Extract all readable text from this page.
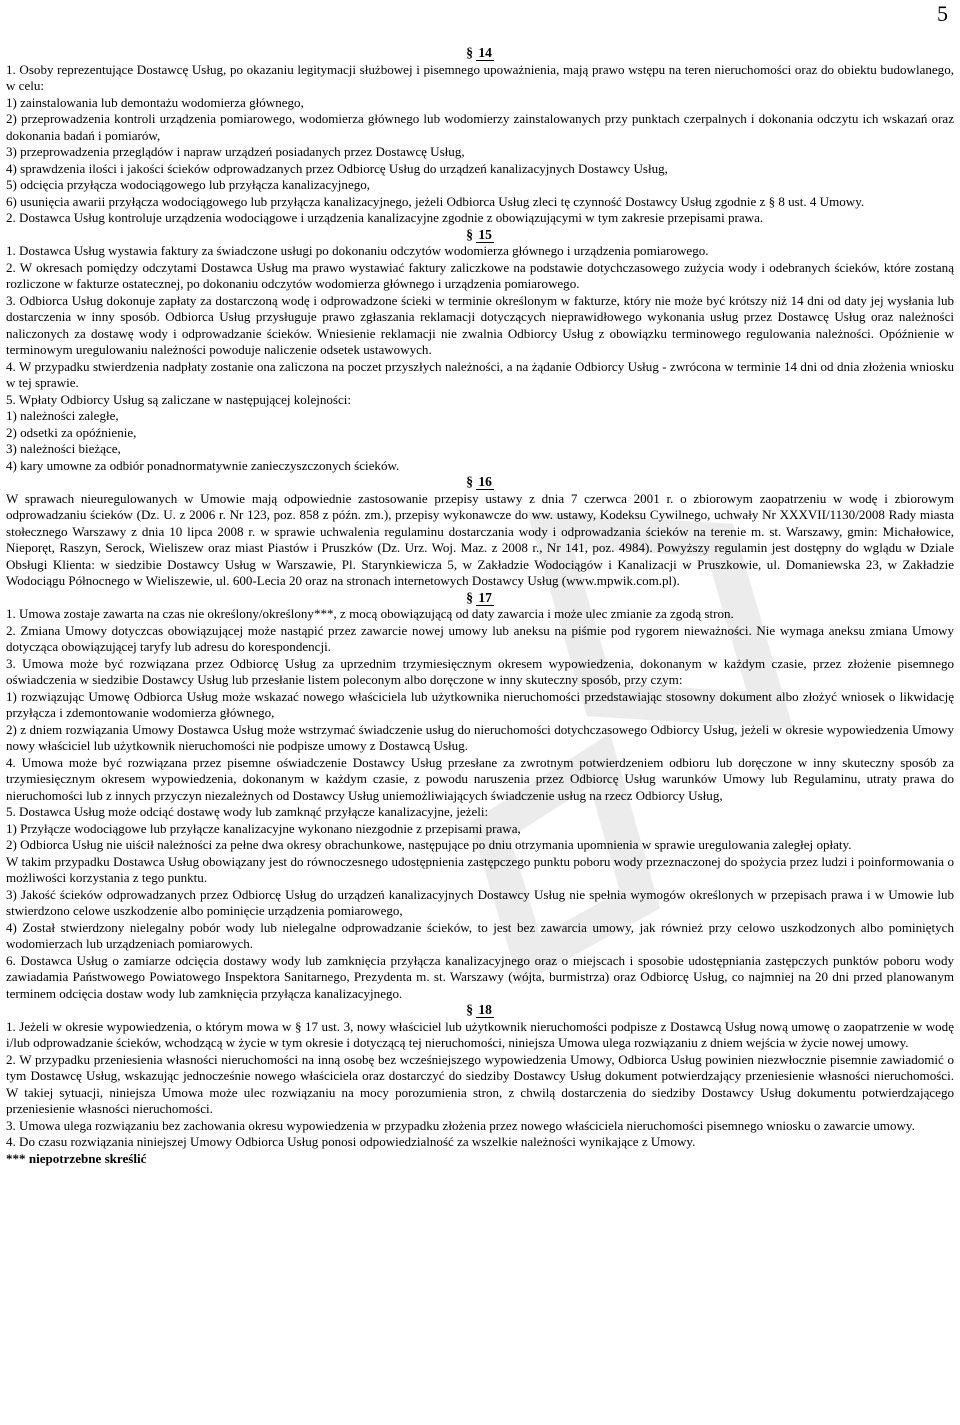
5
§ 14

1. Osoby reprezentujące Dostawcę Usług, po okazaniu legitymacji służbowej i pisemnego upoważnienia, mają prawo wstępu na teren nieruchomości oraz do obiektu budowlanego, w celu:

1) zainstalowania lub demontażu wodomierza głównego,

2) przeprowadzenia kontroli urządzenia pomiarowego, wodomierza głównego lub wodomierzy zainstalowanych przy punktach czerpalnych i dokonania odczytu ich wskazań oraz dokonania badań i pomiarów,

3) przeprowadzenia przeglądów i napraw urządzeń posiadanych przez Dostawcę Usług,

4) sprawdzenia ilości i jakości ścieków odprowadzanych przez Odbiorcę Usług do urządzeń kanalizacyjnych Dostawcy Usług,

5) odcięcia przyłącza wodociągowego lub przyłącza kanalizacyjnego,

6) usunięcia awarii przyłącza wodociągowego lub przyłącza kanalizacyjnego, jeżeli Odbiorca Usług zleci tę czynność Dostawcy Usług zgodnie z § 8 ust. 4 Umowy.

2. Dostawca Usług kontroluje urządzenia wodociągowe i urządzenia kanalizacyjne zgodnie z obowiązującymi w tym zakresie przepisami prawa.

§ 15

1. Dostawca Usług wystawia faktury za świadczone usługi po dokonaniu odczytów wodomierza głównego i urządzenia pomiarowego.

2. W okresach pomiędzy odczytami Dostawca Usług ma prawo wystawiać faktury zaliczkowe na podstawie dotychczasowego zużycia wody i odebranych ścieków, które zostaną rozliczone w fakturze ostatecznej, po dokonaniu odczytów wodomierza głównego i urządzenia pomiarowego.

3. Odbiorca Usług dokonuje zapłaty za dostarczoną wodę i odprowadzone ścieki w terminie określonym w fakturze, który nie może być krótszy niż 14 dni od daty jej wysłania lub dostarczenia w inny sposób. Odbiorca Usług przysługuje prawo zgłaszania reklamacji dotyczących nieprawidłowego wykonania usług przez Dostawcę Usług oraz należności naliczonych za dostawę wody i odprowadzanie ścieków. Wniesienie reklamacji nie zwalnia Odbiorcy Usług z obowiązku terminowego regulowania należności. Opóźnienie w terminowym uregulowaniu należności powoduje naliczenie odsetek ustawowych.

4. W przypadku stwierdzenia nadpłaty zostanie ona zaliczona na poczet przyszłych należności, a na żądanie Odbiorcy Usług - zwrócona w terminie 14 dni od dnia złożenia wniosku w tej sprawie.

5. Wpłaty Odbiorcy Usług są zaliczane w następującej kolejności:

1) należności zaległe,

2) odsetki za opóźnienie,

3) należności bieżące,

4) kary umowne za odbiór ponadnormatywnie zanieczyszczonych ścieków.

§ 16

W sprawach nieuregulowanych w Umowie mają odpowiednie zastosowanie przepisy ustawy z dnia 7 czerwca 2001 r. o zbiorowym zaopatrzeniu w wodę i zbiorowym odprowadzaniu ścieków (Dz. U. z 2006 r. Nr 123, poz. 858 z późn. zm.), przepisy wykonawcze do ww. ustawy, Kodeksu Cywilnego, uchwały Nr XXXVII/1130/2008 Rady miasta stołecznego Warszawy z dnia 10 lipca 2008 r. w sprawie uchwalenia regulaminu dostarczania wody i odprowadzania ścieków na terenie m. st. Warszawy, gmin: Michałowice, Nieporęt, Raszyn, Serock, Wieliszew oraz miast Piastów i Pruszków (Dz. Urz. Woj. Maz. z 2008 r., Nr 141, poz. 4984). Powyższy regulamin jest dostępny do wglądu w Dziale Obsługi Klienta: w siedzibie Dostawcy Usług w Warszawie, Pl. Starynkiewicza 5, w Zakładzie Wodociągów i Kanalizacji w Pruszkowie, ul. Domaniewska 23, w Zakładzie Wodociągu Północnego w Wieliszewie, ul. 600-Lecia 20 oraz na stronach internetowych Dostawcy Usług (www.mpwik.com.pl).

§ 17

1. Umowa zostaje zawarta na czas nie określony/określony***, z mocą obowiązującą od daty zawarcia i może ulec zmianie za zgodą stron.

2. Zmiana Umowy dotyczcas obowiązującej może nastąpić przez zawarcie nowej umowy lub aneksu na piśmie pod rygorem nieważności. Nie wymaga aneksu zmiana Umowy dotycząca obowiązującej taryfy lub adresu do korespondencji.

3. Umowa może być rozwiązana przez Odbiorcę Usług za uprzednim trzymiesięcznym okresem wypowiedzenia, dokonanym w każdym czasie, przez złożenie pisemnego oświadczenia w siedzibie Dostawcy Usług lub przesłanie listem poleconym albo doręczone w inny skuteczny sposób, przy czym:

1) rozwiązując Umowę Odbiorca Usług może wskazać nowego właściciela lub użytkownika nieruchomości przedstawiając stosowny dokument albo złożyć wniosek o likwidację przyłącza i zdemontowanie wodomierza głównego,

2) z dniem rozwiązania Umowy Dostawca Usług może wstrzymać świadczenie usług do nieruchomości dotychczasowego Odbiorcy Usług, jeżeli w okresie wypowiedzenia Umowy nowy właściciel lub użytkownik nieruchomości nie podpisze umowy z Dostawcą Usług.

4. Umowa może być rozwiązana przez pisemne oświadczenie Dostawcy Usług przesłane za zwrotnym potwierdzeniem odbioru lub doręczone w inny skuteczny sposób za trzymiesięcznym okresem wypowiedzenia, dokonanym w każdym czasie, z powodu naruszenia przez Odbiorcę Usług warunków Umowy lub Regulaminu, utraty prawa do nieruchomości lub z innych przyczyn niezależnych od Dostawcy Usług uniemożliwiających świadczenie usług na rzecz Odbiorcy Usług,

5. Dostawca Usług może odciąć dostawę wody lub zamknąć przyłącze kanalizacyjne, jeżeli:

1) Przyłącze wodociągowe lub przyłącze kanalizacyjne wykonano niezgodnie z przepisami prawa,

2) Odbiorca Usług nie uiścił należności za pełne dwa okresy obrachunkowe, następujące po dniu otrzymania upomnienia w sprawie uregulowania zaległej opłaty.

W takim przypadku Dostawca Usług obowiązany jest do równoczesnego udostępnienia zastępczego punktu poboru wody przeznaczonej do spożycia przez ludzi i poinformowania o możliwości korzystania z tego punktu.

3) Jakość ścieków odprowadzanych przez Odbiorcę Usług do urządzeń kanalizacyjnych Dostawcy Usług nie spełnia wymogów określonych w przepisach prawa i w Umowie lub stwierdzono celowe uszkodzenie albo pominięcie urządzenia pomiarowego,

4) Został stwierdzony nielegalny pobór wody lub nielegalne odprowadzanie ścieków, to jest bez zawarcia umowy, jak również przy celowo uszkodzonych albo pominiętych wodomierzach lub urządzeniach pomiarowych.

6. Dostawca Usług o zamiarze odcięcia dostawy wody lub zamknięcia przyłącza kanalizacyjnego oraz o miejscach i sposobie udostępniania zastępczych punktów poboru wody zawiadamia Państwowego Powiatowego Inspektora Sanitarnego, Prezydenta m. st. Warszawy (wójta, burmistrza) oraz Odbiorcę Usług, co najmniej na 20 dni przed planowanym terminem odcięcia dostaw wody lub zamknięcia przyłącza kanalizacyjnego.

§ 18

1. Jeżeli w okresie wypowiedzenia, o którym mowa w § 17 ust. 3, nowy właściciel lub użytkownik nieruchomości podpisze z Dostawcą Usług nową umowę o zaopatrzenie w wodę i/lub odprowadzanie ścieków, wchodzącą w życie w tym okresie i dotyczącą tej nieruchomości, niniejsza Umowa ulega rozwiązaniu z dniem wejścia w życie nowej umowy.

2. W przypadku przeniesienia własności nieruchomości na inną osobę bez wcześniejszego wypowiedzenia Umowy, Odbiorca Usług powinien niezwłocznie pisemnie zawiadomić o tym Dostawcę Usług, wskazując jednocześnie nowego właściciela oraz dostarczyć do siedziby Dostawcy Usług dokument potwierdzający przeniesienie własności nieruchomości. W takiej sytuacji, niniejsza Umowa może ulec rozwiązaniu na mocy porozumienia stron, z chwilą dostarczenia do siedziby Dostawcy Usług dokumentu potwierdzającego przeniesienie własności nieruchomości.

3. Umowa ulega rozwiązaniu bez zachowania okresu wypowiedzenia w przypadku złożenia przez nowego właściciela nieruchomości pisemnego wniosku o zawarcie umowy.

4. Do czasu rozwiązania niniejszej Umowy Odbiorca Usług ponosi odpowiedzialność za wszelkie należności wynikające z Umowy.

*** niepotrzebne skreślić
